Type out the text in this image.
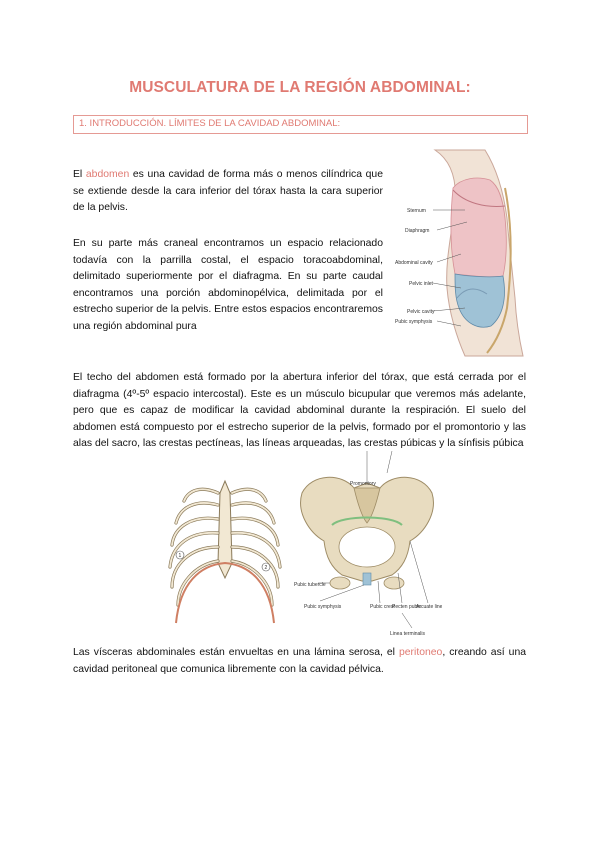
MUSCULATURA DE LA REGIÓN ABDOMINAL:
1. INTRODUCCIÓN. LÍMITES DE LA CAVIDAD ABDOMINAL:
El abdomen es una cavidad de forma más o menos cilíndrica que se extiende desde la cara inferior del tórax hasta la cara superior de la pelvis.
En su parte más craneal encontramos un espacio relacionado todavía con la parrilla costal, el espacio toracoabdominal, delimitado superiormente por el diafragma. En su parte caudal encontramos una porción abdominopélvica, delimitada por el estrecho superior de la pelvis. Entre estos espacios encontraremos una región abdominal pura
Sternum
Diaphragm
Abdominal cavity
Pelvic inlet
Pelvic cavity
Pubic symphysis
El techo del abdomen está formado por la abertura inferior del tórax, que está cerrada por el diafragma (4º-5º espacio intercostal). Este es un músculo bicupular que veremos más adelante, pero que es capaz de modificar la cavidad abdominal durante la respiración. El suelo del abdomen está compuesto por el estrecho superior de la pelvis, formado por el promontorio y las alas del sacro, las crestas pectíneas, las líneas arqueadas, las crestas púbicas y la sínfisis púbica
1
2
Promontory
Pubic tubercle
Pubic symphysis	Pubic crest
Pecten pubis
Arcuate line
Linea terminalis
Las vísceras abdominales están envueltas en una lámina serosa, el peritoneo, creando así una cavidad peritoneal que comunica libremente con la cavidad pélvica.
